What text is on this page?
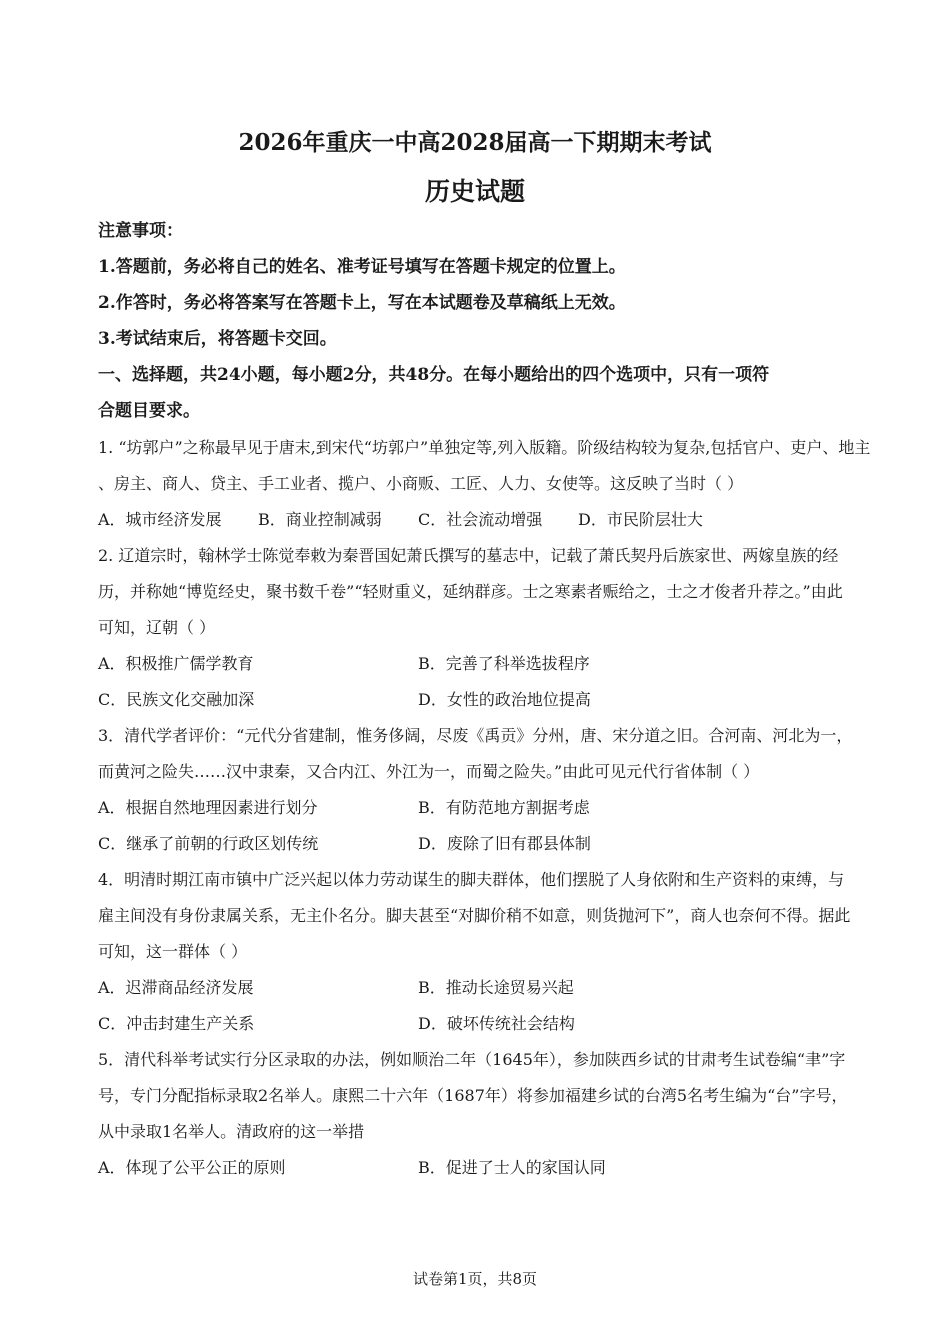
2026年重庆一中高2028届高一下期期末考试
历史试题
注意事项：
1.答题前，务必将自己的姓名、准考证号填写在答题卡规定的位置上。
2.作答时，务必将答案写在答题卡上，写在本试题卷及草稿纸上无效。
3.考试结束后，将答题卡交回。
一、选择题，共24小题，每小题2分，共48分。在每小题给出的四个选项中，只有一项符
合题目要求。
1. “坊郭户”之称最早见于唐末,到宋代“坊郭户”单独定等,列入版籍。阶级结构较为复杂,包括官户、吏户、地主
、房主、商人、贷主、手工业者、揽户、小商贩、工匠、人力、女使等。这反映了当时（ ）
A．城市经济发展 B．商业控制减弱 C．社会流动增强 D．市民阶层壮大
2. 辽道宗时，翰林学士陈觉奉敕为秦晋国妃萧氏撰写的墓志中，记载了萧氏契丹后族家世、两嫁皇族的经
历，并称她“博览经史，聚书数千卷”“轻财重义，延纳群彦。士之寒素者赈给之，士之才俊者升荐之。”由此
可知，辽朝（ ）
A．积极推广儒学教育	B．完善了科举选拔程序
C．民族文化交融加深	D．女性的政治地位提高
3．清代学者评价：“元代分省建制，惟务侈阔，尽废《禹贡》分州，唐、宋分道之旧。合河南、河北为一，
而黄河之险失……汉中隶秦，又合内江、外江为一，而蜀之险失。”由此可见元代行省体制（ ）
A．根据自然地理因素进行划分	B．有防范地方割据考虑
C．继承了前朝的行政区划传统	D．废除了旧有郡县体制
4．明清时期江南市镇中广泛兴起以体力劳动谋生的脚夫群体，他们摆脱了人身依附和生产资料的束缚，与
雇主间没有身份隶属关系，无主仆名分。脚夫甚至“对脚价稍不如意，则货抛河下”，商人也奈何不得。据此
可知，这一群体（ ）
A．迟滞商品经济发展	B．推动长途贸易兴起
C．冲击封建生产关系	D．破坏传统社会结构
5．清代科举考试实行分区录取的办法，例如顺治二年（1645年），参加陕西乡试的甘肃考生试卷编“聿”字
号，专门分配指标录取2名举人。康熙二十六年（1687年）将参加福建乡试的台湾5名考生编为“台”字号，
从中录取1名举人。清政府的这一举措
A．体现了公平公正的原则	B．促进了士人的家国认同
试卷第1页，共8页
